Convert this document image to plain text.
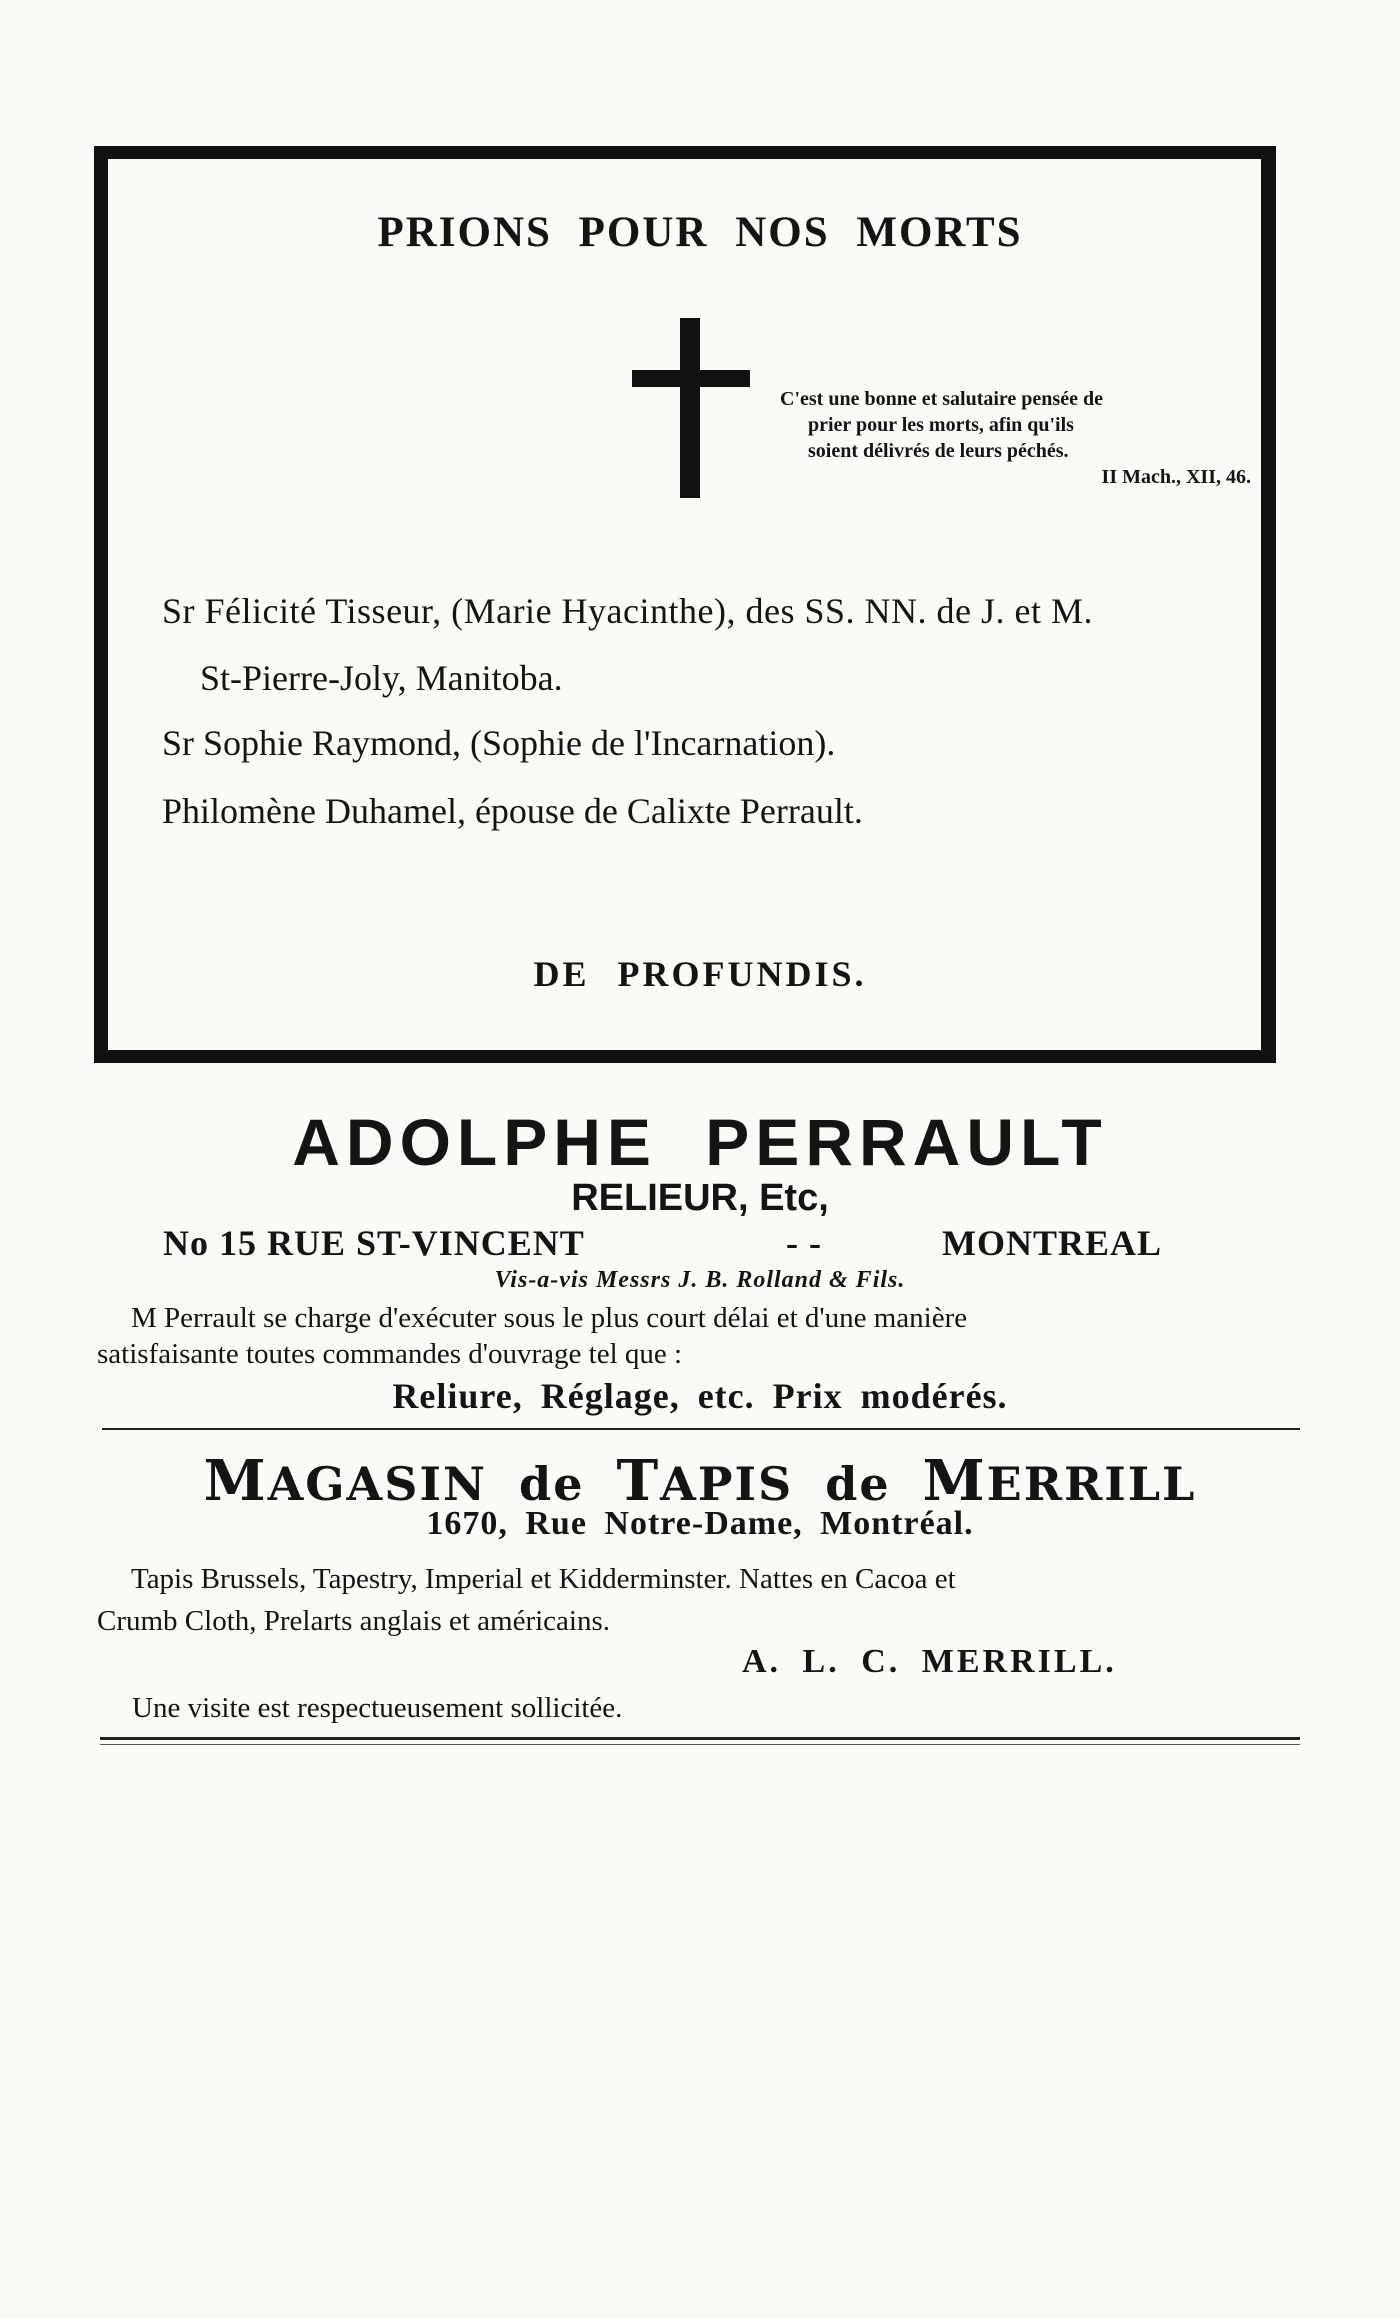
PRIONS POUR NOS MORTS
C'est une bonne et salutaire pensée de
prier pour les morts, afin qu'ils
soient délivrés de leurs péchés.
II Mach., XII, 46.
Sr Félicité Tisseur, (Marie Hyacinthe), des SS. NN. de J. et M.
St-Pierre-Joly, Manitoba.
Sr Sophie Raymond, (Sophie de l'Incarnation).
Philomène Duhamel, épouse de Calixte Perrault.
DE PROFUNDIS.
ADOLPHE PERRAULT
RELIEUR, Etc,
No 15 RUE ST-VINCENT	- -	MONTREAL
Vis-a-vis Messrs J. B. Rolland & Fils.
M Perrault se charge d'exécuter sous le plus court délai et d'une manière
satisfaisante toutes commandes d'ouvrage tel que :
Reliure, Réglage, etc. Prix modérés.
MAGASIN de TAPIS de MERRILL
1670, Rue Notre-Dame, Montréal.
Tapis Brussels, Tapestry, Imperial et Kidderminster. Nattes en Cacoa et
Crumb Cloth, Prelarts anglais et américains.
A. L. C. MERRILL.
Une visite est respectueusement sollicitée.
